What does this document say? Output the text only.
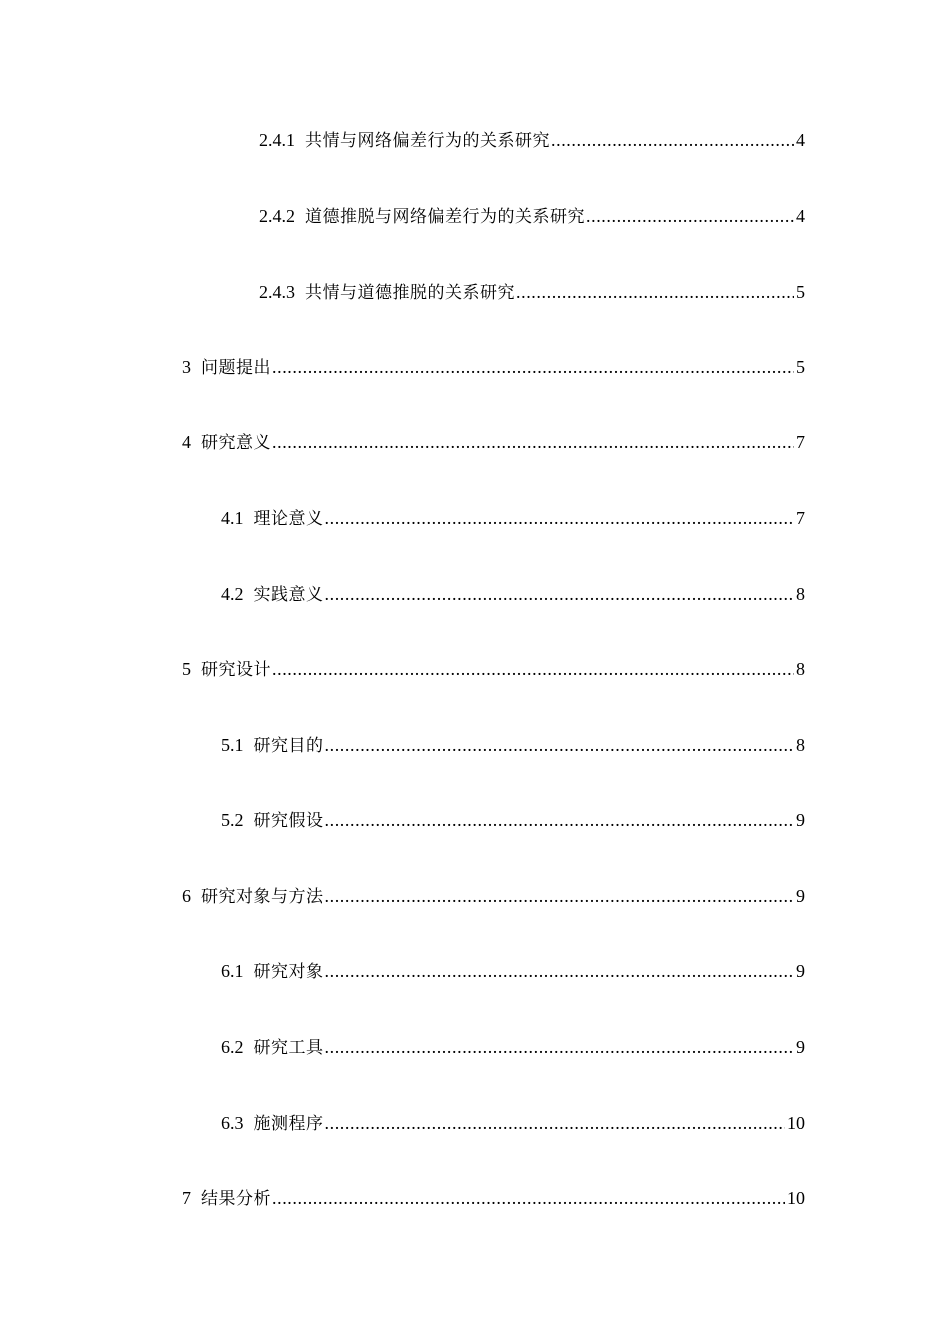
2.4.1 共情与网络偏差行为的关系研究 .....	4
2.4.2 道德推脱与网络偏差行为的关系研究 .....	4
2.4.3 共情与道德推脱的关系研究 .....	5
3 问题提出 .....	5
4 研究意义 .....	7
4.1 理论意义 .....	7
4.2 实践意义 .....	8
5 研究设计 .....	8
5.1 研究目的 .....	8
5.2 研究假设 .....	9
6 研究对象与方法 .....	9
6.1 研究对象 .....	9
6.2 研究工具 .....	9
6.3 施测程序 .....	10
7 结果分析 .....	10
